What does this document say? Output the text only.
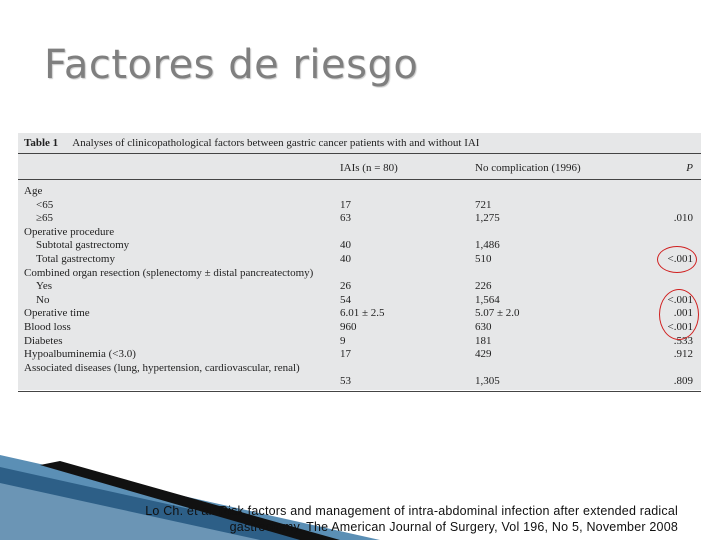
Factores de riesgo
Table 1 Analyses of clinicopathological factors between gastric cancer patients with and without IAI
IAIs (n = 80)	No complication (1996)	P
Age
<65	17	721
≥65	63	1,275	.010
Operative procedure
Subtotal gastrectomy	40	1,486
Total gastrectomy	40	510	<.001
Combined organ resection (splenectomy ± distal pancreatectomy)
Yes	26	226
No	54	1,564	<.001
Operative time	6.01 ± 2.5	5.07 ± 2.0	.001
Blood loss	960	630	<.001
Diabetes	9	181	.533
Hypoalbuminemia (<3.0)	17	429	.912
Associated diseases (lung, hypertension, cardiovascular, renal)
53	1,305	.809
Lo Ch. et al. Risk factors and management of intra-abdominal infection after extended radical
gastrectomy. The American Journal of Surgery, Vol 196, No 5, November 2008
